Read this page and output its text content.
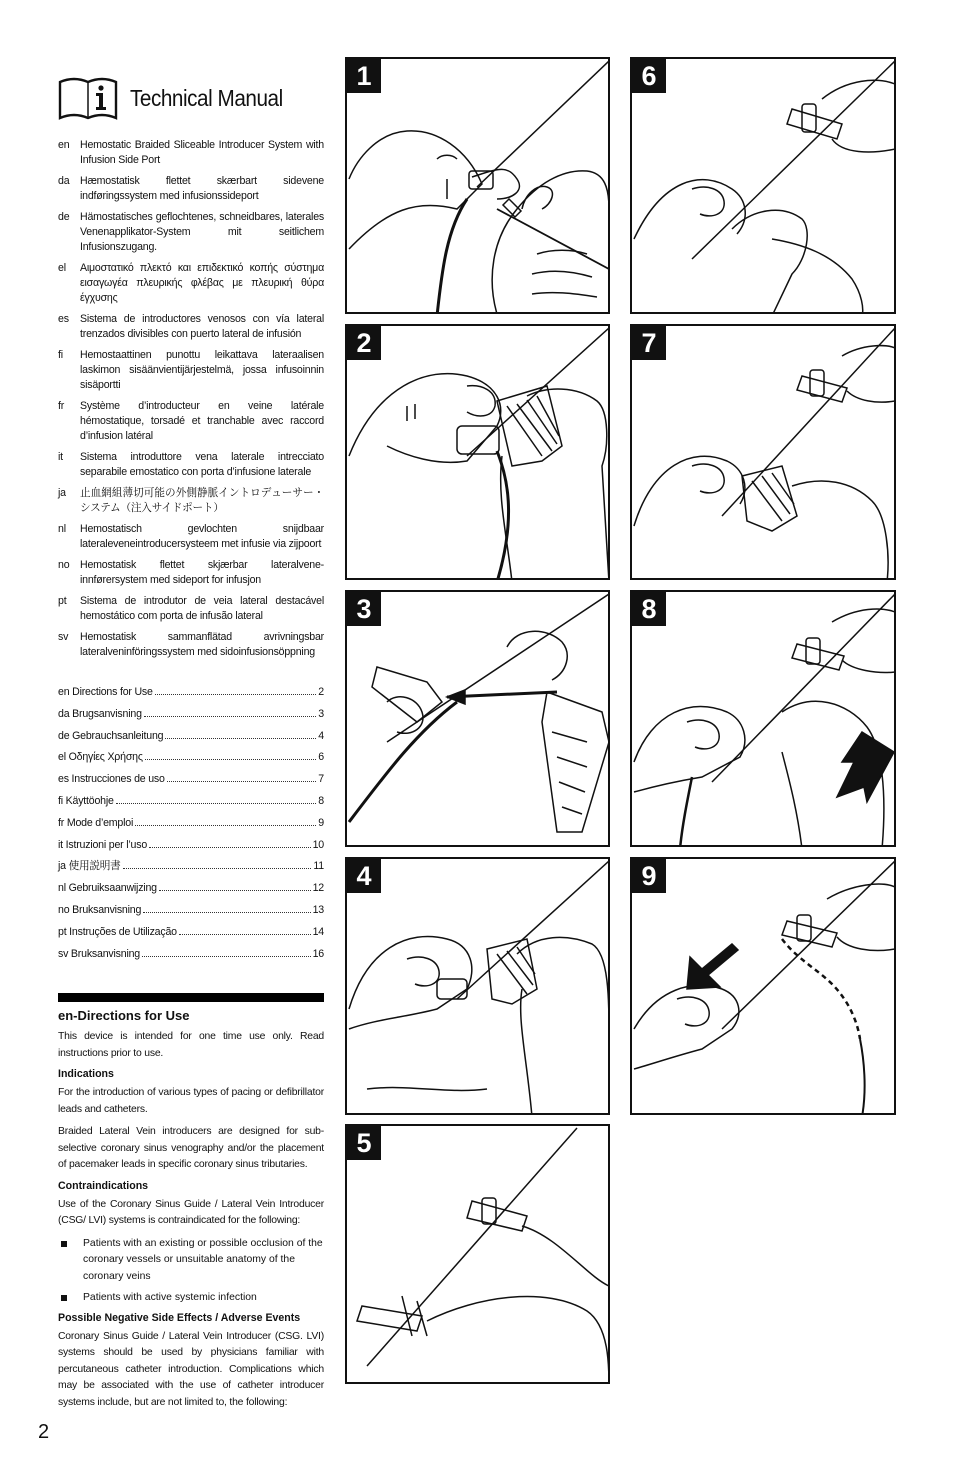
Technical Manual
en	Hemostatic Braided Sliceable Introducer System with Infusion Side Port
da	Hæmostatisk flettet skærbart sidevene indføringssystem med infusionssideport
de	Hämostatisches geflochtenes, schneidbares, laterales Venenapplikator-System mit seitlichem Infusionszugang.
el	Αιμοστατικό πλεκτό και επιδεκτικό κοπής σύστημα εισαγωγέα πλευρικής φλέβας με πλευρική θύρα έγχυσης
es	Sistema de introductores venosos con vía lateral trenzados divisibles con puerto lateral de infusión
fi	Hemostaattinen punottu leikattava lateraalisen laskimon sisäänvientijärjestelmä, jossa infusoinnin sisäportti
fr	Système d’introducteur en veine latérale hémostatique, torsadé et tranchable avec raccord d’infusion latéral
it	Sistema introduttore vena laterale intrecciato separabile emostatico con porta d’infusione laterale
ja	止血網組薄切可能の外側静脈イントロデューサー・システム（注入サイドポート）
nl	Hemostatisch gevlochten snijdbaar lateraleveneintroducersysteem met infusie via zijpoort
no	Hemostatisk flettet skjærbar lateralvene-innførersystem med sideport for infusjon
pt	Sistema de introdutor de veia lateral destacável hemostático com porta de infusão lateral
sv	Hemostatisk sammanflätad avrivningsbar lateralveninföringssystem med sidoinfusionsöppning
en Directions for Use	2
da Brugsanvisning	3
de Gebrauchsanleitung	4
el Οδηγίες Χρήσης	6
es Instrucciones de uso	7
fi Käyttöohje	8
fr Mode d’emploi	9
it Istruzioni per l’uso	10
ja 使用説明書	11
nl Gebruiksaanwijzing	12
no Bruksanvisning	13
pt Instruções de Utilização	14
sv Bruksanvisning	16
en-Directions for Use

This device is intended for one time use only. Read instructions prior to use.

Indications

For the introduction of various types of pacing or defibrillator leads and catheters.

Braided Lateral Vein introducers are designed for sub-selective coronary sinus venography and/or the placement of pacemaker leads in specific coronary sinus tributaries.

Contraindications

Use of the Coronary Sinus Guide / Lateral Vein Introducer (CSG/ LVI) systems is contraindicated for the following:

Patients with an existing or possible occlusion of the coronary vessels or unsuitable anatomy of the coronary veins
Patients with active systemic infection

Possible Negative Side Effects / Adverse Events

Coronary Sinus Guide / Lateral Vein Introducer (CSG. LVI) systems should be used by physicians familiar with percutaneous catheter introduction. Complications which may be associated with the use of catheter introducer systems include, but are not limited to, the following:

2
1
2
3
4
5
6
7
8
9
